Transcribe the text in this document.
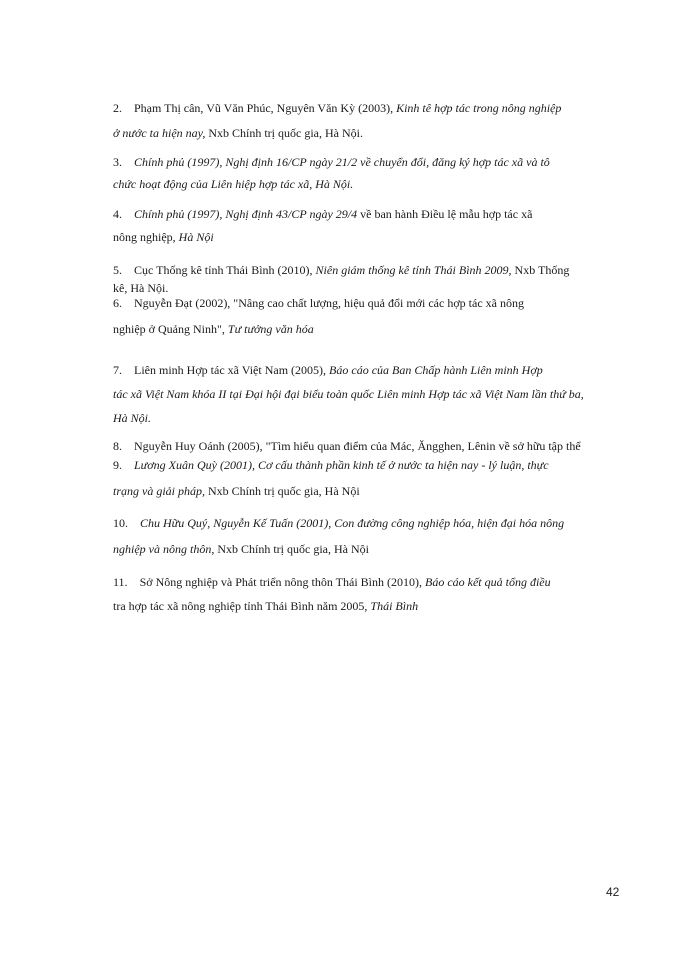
2. Phạm Thị cân, Vũ Văn Phúc, Nguyên Văn Kỳ (2003), Kinh tê hợp tác trong nông nghiệp
ở nước ta hiện nay, Nxb Chính trị quốc gia, Hà Nội.
3. Chính phủ (1997), Nghị định 16/CP ngày 21/2 về chuyển đổi, đăng ký hợp tác xã và tô
chức hoạt động của Liên hiệp hợp tác xã, Hà Nội.
4. Chính phủ (1997), Nghị định 43/CP ngày 29/4 về ban hành Điều lệ mẫu hợp tác xã
nông nghiệp, Hà Nội
5. Cục Thống kê tỉnh Thái Bình (2010), Niên giám thống kê tỉnh Thái Bình 2009, Nxb Thống
kê, Hà Nội.
6. Nguyễn Đạt (2002), "Nâng cao chất lượng, hiệu quả đổi mới các hợp tác xã nông
nghiệp ở Quảng Ninh", Tư tưởng văn hóa
7. Liên minh Hợp tác xã Việt Nam (2005), Báo cáo của Ban Chấp hành Liên minh Hợp
tác xã Việt Nam khóa II tại Đại hội đại biểu toàn quốc Liên minh Hợp tác xã Việt Nam lần thứ ba,
Hà Nội.
8. Nguyễn Huy Oánh (2005), "Tìm hiểu quan điểm của Mác, Ăngghen, Lênin về sở hữu tập thể
9. Lương Xuân Quỳ (2001), Cơ cấu thành phần kinh tế ở nước ta hiện nay - lý luận, thực
trạng và giải pháp, Nxb Chính trị quốc gia, Hà Nội
10. Chu Hữu Quý, Nguyễn Kế Tuấn (2001), Con đường công nghiệp hóa, hiện đại hóa nông
nghiệp và nông thôn, Nxb Chính trị quốc gia, Hà Nội
11. Sở Nông nghiệp và Phát triển nông thôn Thái Bình (2010), Báo cáo kết quả tổng điều
tra hợp tác xã nông nghiệp tỉnh Thái Bình năm 2005, Thái Bình
42
